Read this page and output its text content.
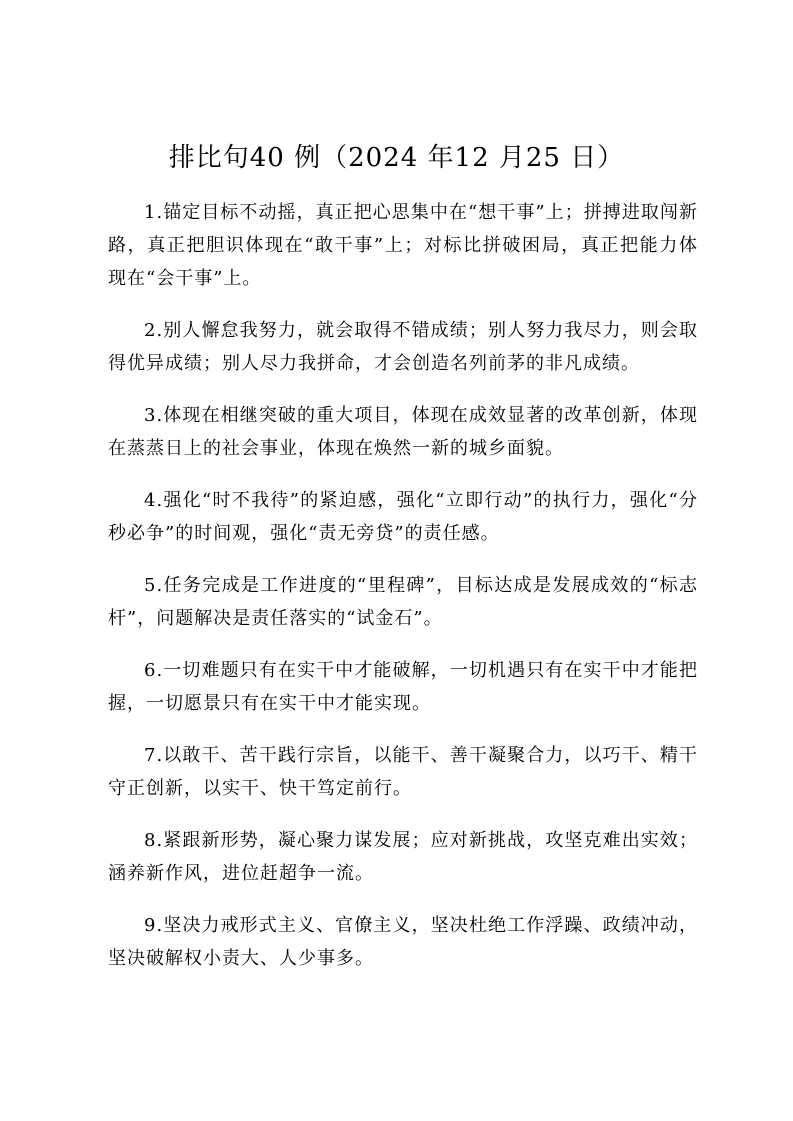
排比句40 例（2024 年12 月25 日）
1.锚定目标不动摇，真正把心思集中在“想干事”上；拼搏进取闯新路，真正把胆识体现在“敢干事”上；对标比拼破困局，真正把能力体现在“会干事”上。
2.别人懈怠我努力，就会取得不错成绩；别人努力我尽力，则会取得优异成绩；别人尽力我拼命，才会创造名列前茅的非凡成绩。
3.体现在相继突破的重大项目，体现在成效显著的改革创新，体现在蒸蒸日上的社会事业，体现在焕然一新的城乡面貌。
4.强化“时不我待”的紧迫感，强化“立即行动”的执行力，强化“分秒必争”的时间观，强化“责无旁贷”的责任感。
5.任务完成是工作进度的“里程碑”，目标达成是发展成效的“标志杆”，问题解决是责任落实的“试金石”。
6.一切难题只有在实干中才能破解，一切机遇只有在实干中才能把握，一切愿景只有在实干中才能实现。
7.以敢干、苦干践行宗旨，以能干、善干凝聚合力，以巧干、精干守正创新，以实干、快干笃定前行。
8.紧跟新形势，凝心聚力谋发展；应对新挑战，攻坚克难出实效；涵养新作风，进位赶超争一流。
9.坚决力戒形式主义、官僚主义，坚决杜绝工作浮躁、政绩冲动，坚决破解权小责大、人少事多。
